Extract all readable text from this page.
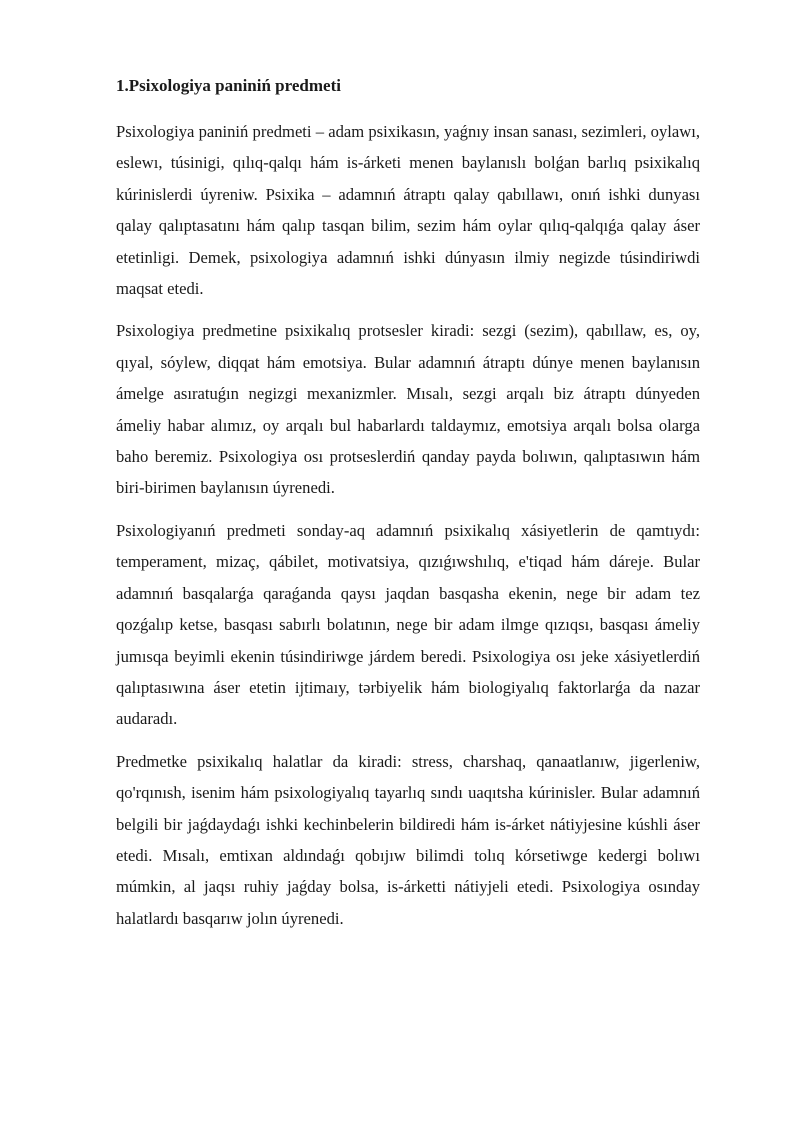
1.Psixologiya paniniń predmeti

Psixologiya paniniń predmeti – adam psixikasın, yaǵnıy insan sanası, sezimleri, oylawı, eslewı, túsinigi, qılıq-qalqı hám is-árketi menen baylanıslı bolǵan barlıq psixikalıq kúrinislerdi úyreniw. Psixika – adamnıń átraptı qalay qabıllawı, onıń ishki dunyası qalay qalıptasatını hám qalıp tasqan bilim, sezim hám oylar qılıq-qalqıǵa qalay áser etetinligi. Demek, psixologiya adamnıń ishki dúnyasın ilmiy negizde túsindiriwdi maqsat etedi.

Psixologiya predmetine psixikalıq protsesler kiradi: sezgi (sezim), qabıllaw, es, oy, qıyal, sóylew, diqqat hám emotsiya. Bular adamnıń átraptı dúnye menen baylanısın ámelge asıratuǵın negizgi mexanizmler. Mısalı, sezgi arqalı biz átraptı dúnyeden ámeliy habar alımız, oy arqalı bul habarlardı taldaymız, emotsiya arqalı bolsa olarga baho beremiz. Psixologiya osı protseslerdiń qanday payda bolıwın, qalıptasıwın hám biri-birimen baylanısın úyrenedi.

Psixologiyanıń predmeti sonday-aq adamnıń psixikalıq xásiyetlerin de qamtıydı: temperament, mizaç, qábilet, motivatsiya, qızıǵıwshılıq, e'tiqad hám dáreje. Bular adamnıń basqalarǵa qaraǵanda qaysı jaqdan basqasha ekenin, nege bir adam tez qozǵalıp ketse, basqası sabırlı bolatının, nege bir adam ilmge qızıqsı, basqası ámeliy jumısqa beyimli ekenin túsindiriwge járdem beredi. Psixologiya osı jeke xásiyetlerdiń qalıptasıwına áser etetin ijtimaıy, tərbiyelik hám biologiyalıq faktorlarǵa da nazar audaradı.

Predmetke psixikalıq halatlar da kiradi: stress, charshaq, qanaatlanıw, jigerleniw, qo'rqınısh, isenim hám psixologiyalıq tayarlıq sındı uaqıtsha kúrinisler. Bular adamnıń belgili bir jaǵdaydaǵı ishki kechinbelerin bildiredi hám is-árket nátiyjesine kúshli áser etedi. Mısalı, emtixan aldındaǵı qobıjıw bilimdi tolıq kórsetiwge kedergi bolıwı múmkin, al jaqsı ruhiy jaǵday bolsa, is-árketti nátiyjeli etedi. Psixologiya osınday halatlardı basqarıw jolın úyrenedi.
